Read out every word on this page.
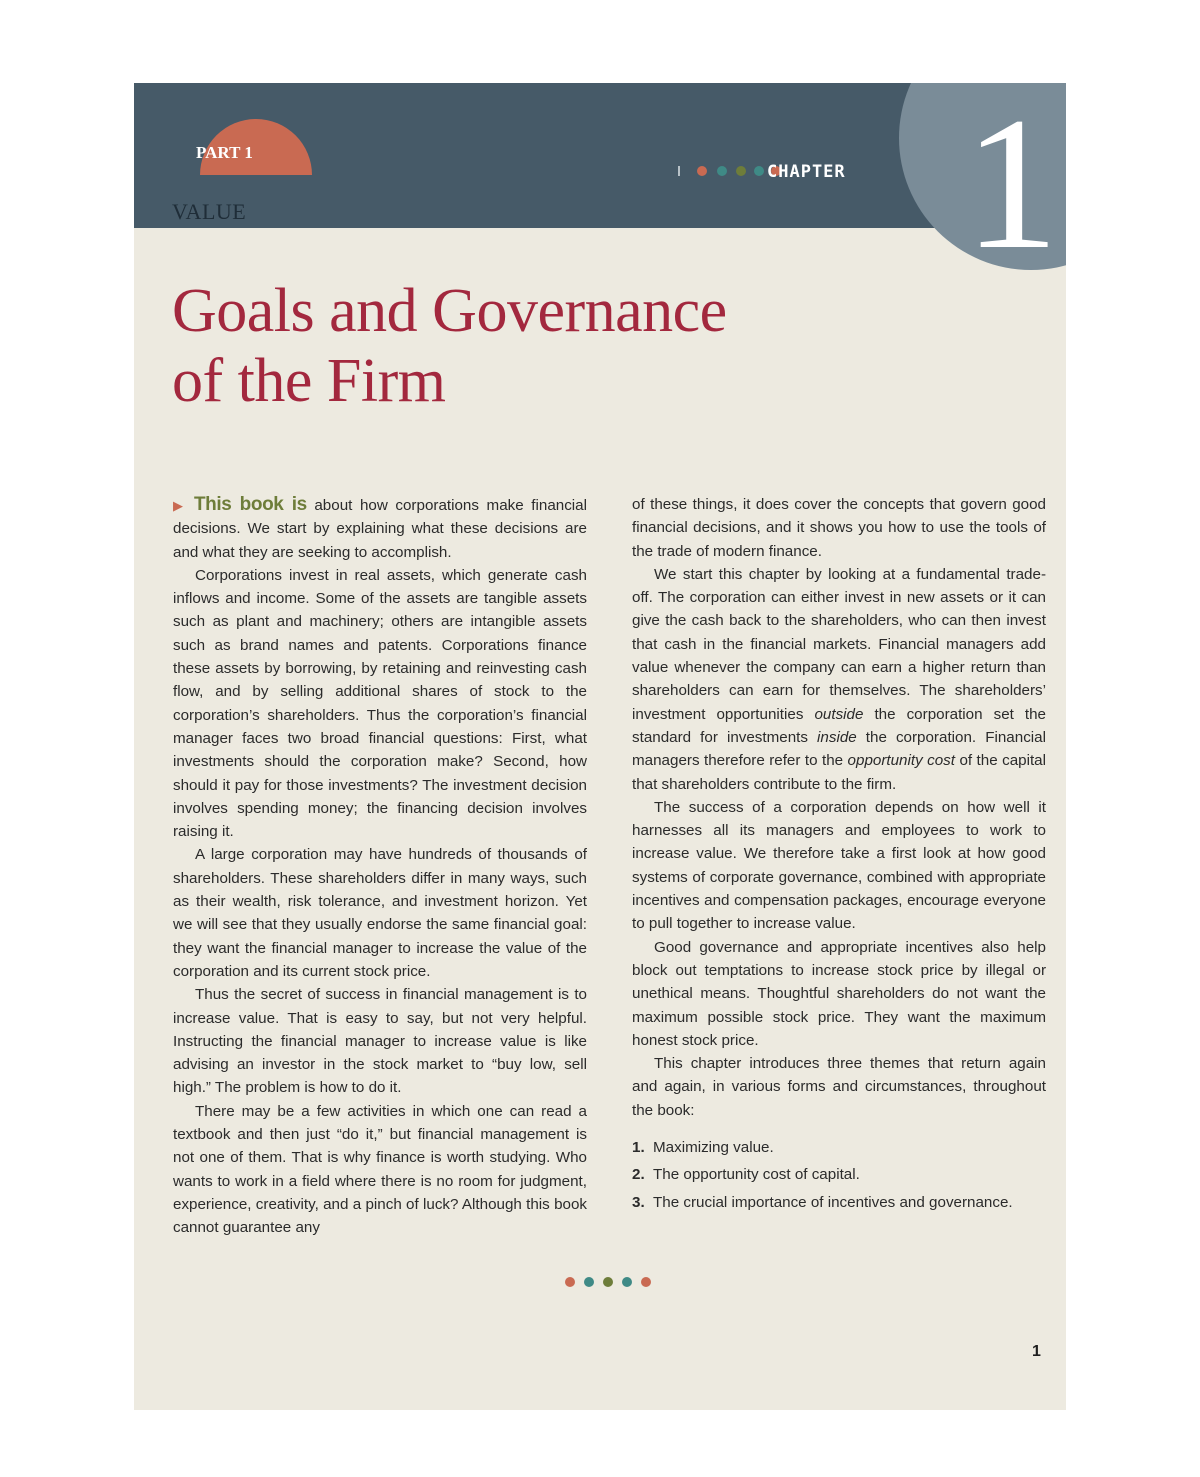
PART 1
VALUE
CHAPTER 1
Goals and Governance
of the Firm

▶ This book is about how corporations make financial decisions. We start by explaining what these decisions are and what they are seeking to accomplish.

Corporations invest in real assets, which generate cash inflows and income. Some of the assets are tangible assets such as plant and machinery; others are intangible assets such as brand names and patents. Corporations finance these assets by borrowing, by retaining and reinvesting cash flow, and by selling additional shares of stock to the corporation’s shareholders. Thus the corporation’s financial manager faces two broad financial questions: First, what investments should the corporation make? Second, how should it pay for those investments? The investment decision involves spending money; the financing decision involves raising it.

A large corporation may have hundreds of thousands of shareholders. These shareholders differ in many ways, such as their wealth, risk tolerance, and investment horizon. Yet we will see that they usually endorse the same financial goal: they want the financial manager to increase the value of the corporation and its current stock price.

Thus the secret of success in financial management is to increase value. That is easy to say, but not very helpful. Instructing the financial manager to increase value is like advising an investor in the stock market to “buy low, sell high.” The problem is how to do it.

There may be a few activities in which one can read a textbook and then just “do it,” but financial management is not one of them. That is why finance is worth studying. Who wants to work in a field where there is no room for judgment, experience, creativity, and a pinch of luck? Although this book cannot guarantee any

of these things, it does cover the concepts that govern good financial decisions, and it shows you how to use the tools of the trade of modern finance.

We start this chapter by looking at a fundamental trade-off. The corporation can either invest in new assets or it can give the cash back to the shareholders, who can then invest that cash in the financial markets. Financial managers add value whenever the company can earn a higher return than shareholders can earn for themselves. The shareholders’ investment opportunities outside the corporation set the standard for investments inside the corporation. Financial managers therefore refer to the opportunity cost of the capital that shareholders contribute to the firm.

The success of a corporation depends on how well it harnesses all its managers and employees to work to increase value. We therefore take a first look at how good systems of corporate governance, combined with appropriate incentives and compensation packages, encourage everyone to pull together to increase value.

Good governance and appropriate incentives also help block out temptations to increase stock price by illegal or unethical means. Thoughtful shareholders do not want the maximum possible stock price. They want the maximum honest stock price.

This chapter introduces three themes that return again and again, in various forms and circumstances, throughout the book:

1. Maximizing value.
2. The opportunity cost of capital.
3. The crucial importance of incentives and governance.
1
